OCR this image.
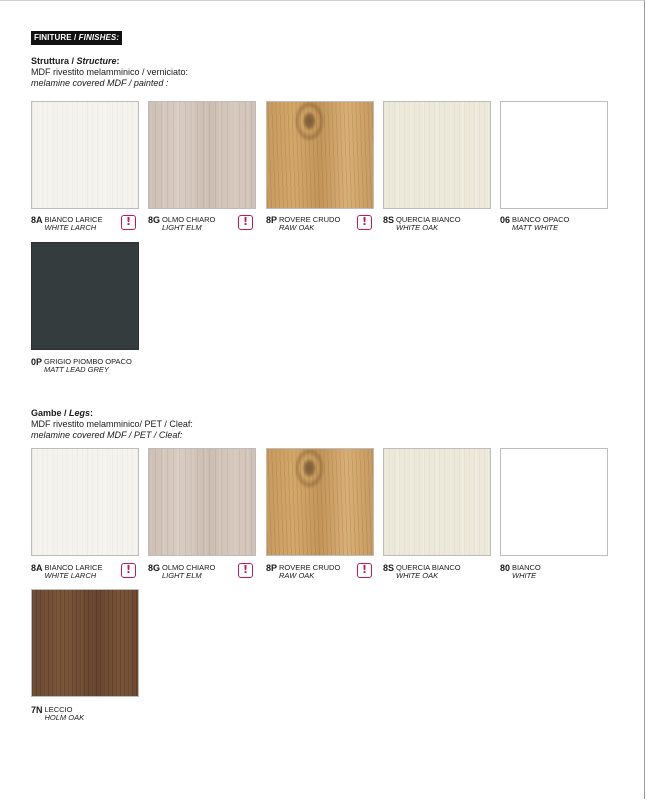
FINITURE / FINISHES:
Struttura / Structure:
MDF rivestito melamminico / verniciato:
melamine covered MDF / painted :
8A BIANCO LARICE
WHITE LARCH	!	8G OLMO CHIARO
LIGHT ELM	!	8P ROVERE CRUDO
RAW OAK	!	8S QUERCIA BIANCO
WHITE OAK
06 BIANCO OPACO
MATT WHITE
0P GRIGIO PIOMBO OPACO
MATT LEAD GREY
Gambe / Legs:
MDF rivestito melamminico/ PET / Cleaf:
melamine covered MDF / PET / Cleaf:
8A BIANCO LARICE
WHITE LARCH	!	8G OLMO CHIARO
LIGHT ELM	!	8P ROVERE CRUDO
RAW OAK	!	8S QUERCIA BIANCO
WHITE OAK
80 BIANCO
WHITE
7N LECCIO
HOLM OAK
